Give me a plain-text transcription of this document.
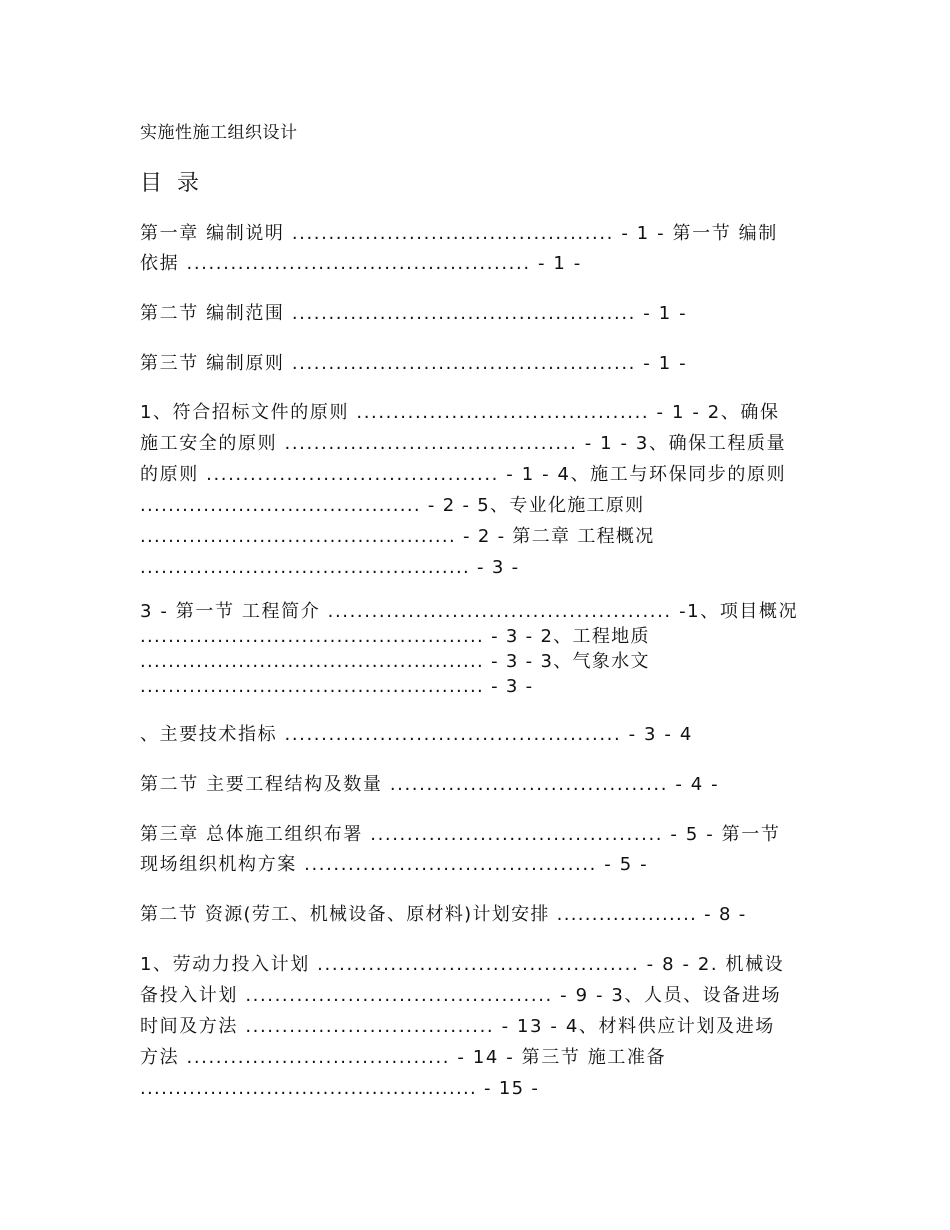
实施性施工组织设计
目 录
第一章 编制说明 ............................................ - 1 - 第一节 编制
依据 ............................................... - 1 -
第二节 编制范围 ............................................... - 1 -
第三节 编制原则 ............................................... - 1 -
1、符合招标文件的原则 ........................................ - 1 - 2、确保
施工安全的原则 ........................................ - 1 - 3、确保工程质量
的原则 ........................................ - 1 - 4、施工与环保同步的原则
........................................ - 2 - 5、专业化施工原则
............................................. - 2 - 第二章 工程概况
............................................... - 3 -
3 - 第一节 工程简介 ............................................... -1、项目概况
................................................. - 3 - 2、工程地质
................................................. - 3 - 3、气象水文
................................................. - 3 -
、主要技术指标 .............................................. - 3 - 4
第二节 主要工程结构及数量 ...................................... - 4 -
第三章 总体施工组织布署 ........................................ - 5 - 第一节
现场组织机构方案 ........................................ - 5 -
第二节 资源(劳工、机械设备、原材料)计划安排 .................... - 8 -
1、劳动力投入计划 ............................................ - 8 - 2. 机械设
备投入计划 .......................................... - 9 - 3、人员、设备进场
时间及方法 .................................. - 13 - 4、材料供应计划及进场
方法 .................................... - 14 - 第三节 施工准备
................................................ - 15 -
